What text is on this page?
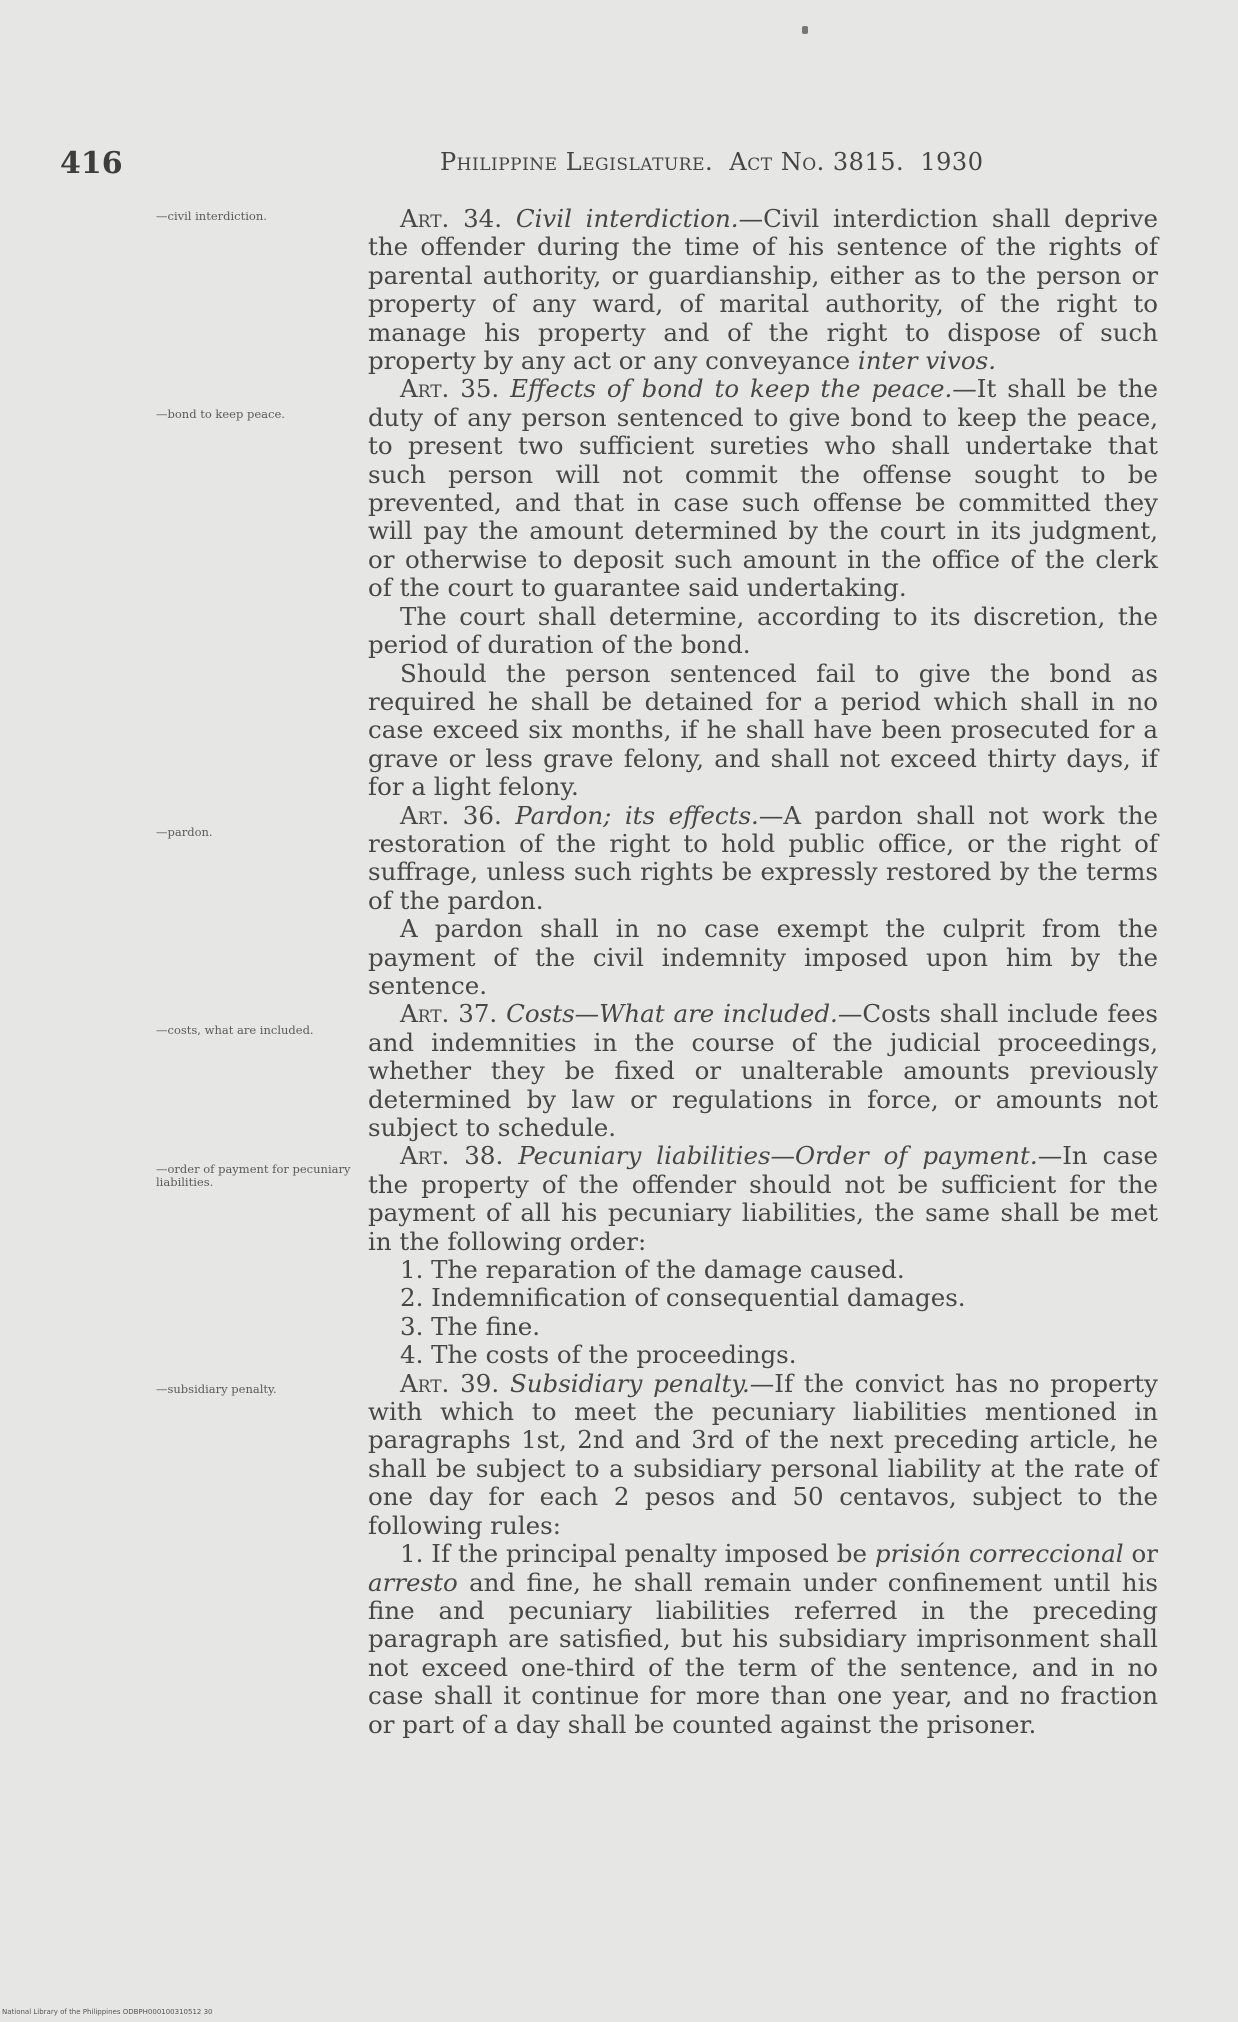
416	Philippine Legislature. Act No. 3815. 1930
—civil interdiction.
—bond to keep peace.
—pardon.
—costs, what are included.
—order of payment for pecuniary liabilities.
—subsidiary penalty.

Art. 34. Civil interdiction.—Civil interdiction shall deprive the offender during the time of his sentence of the rights of parental authority, or guardianship, either as to the person or property of any ward, of marital authority, of the right to manage his property and of the right to dispose of such property by any act or any conveyance inter vivos.

Art. 35. Effects of bond to keep the peace.—It shall be the duty of any person sentenced to give bond to keep the peace, to present two sufficient sureties who shall undertake that such person will not commit the offense sought to be prevented, and that in case such offense be committed they will pay the amount determined by the court in its judgment, or otherwise to deposit such amount in the office of the clerk of the court to guarantee said undertaking.

The court shall determine, according to its discretion, the period of duration of the bond.

Should the person sentenced fail to give the bond as required he shall be detained for a period which shall in no case exceed six months, if he shall have been prosecuted for a grave or less grave felony, and shall not exceed thirty days, if for a light felony.

Art. 36. Pardon; its effects.—A pardon shall not work the restoration of the right to hold public office, or the right of suffrage, unless such rights be expressly restored by the terms of the pardon.

A pardon shall in no case exempt the culprit from the payment of the civil indemnity imposed upon him by the sentence.

Art. 37. Costs—What are included.—Costs shall include fees and indemnities in the course of the judicial proceedings, whether they be fixed or unalterable amounts previously determined by law or regulations in force, or amounts not subject to schedule.

Art. 38. Pecuniary liabilities—Order of payment.—In case the property of the offender should not be sufficient for the payment of all his pecuniary liabilities, the same shall be met in the following order:

1. The reparation of the damage caused.

2. Indemnification of consequential damages.

3. The fine.

4. The costs of the proceedings.

Art. 39. Subsidiary penalty.—If the convict has no property with which to meet the pecuniary liabilities mentioned in paragraphs 1st, 2nd and 3rd of the next preceding article, he shall be subject to a subsidiary personal liability at the rate of one day for each 2 pesos and 50 centavos, subject to the following rules:

1. If the principal penalty imposed be prisión correccional or arresto and fine, he shall remain under confinement until his fine and pecuniary liabilities referred in the preceding paragraph are satisfied, but his subsidiary imprisonment shall not exceed one-third of the term of the sentence, and in no case shall it continue for more than one year, and no fraction or part of a day shall be counted against the prisoner.

National Library of the Philippines ODBPH000100310512 30
